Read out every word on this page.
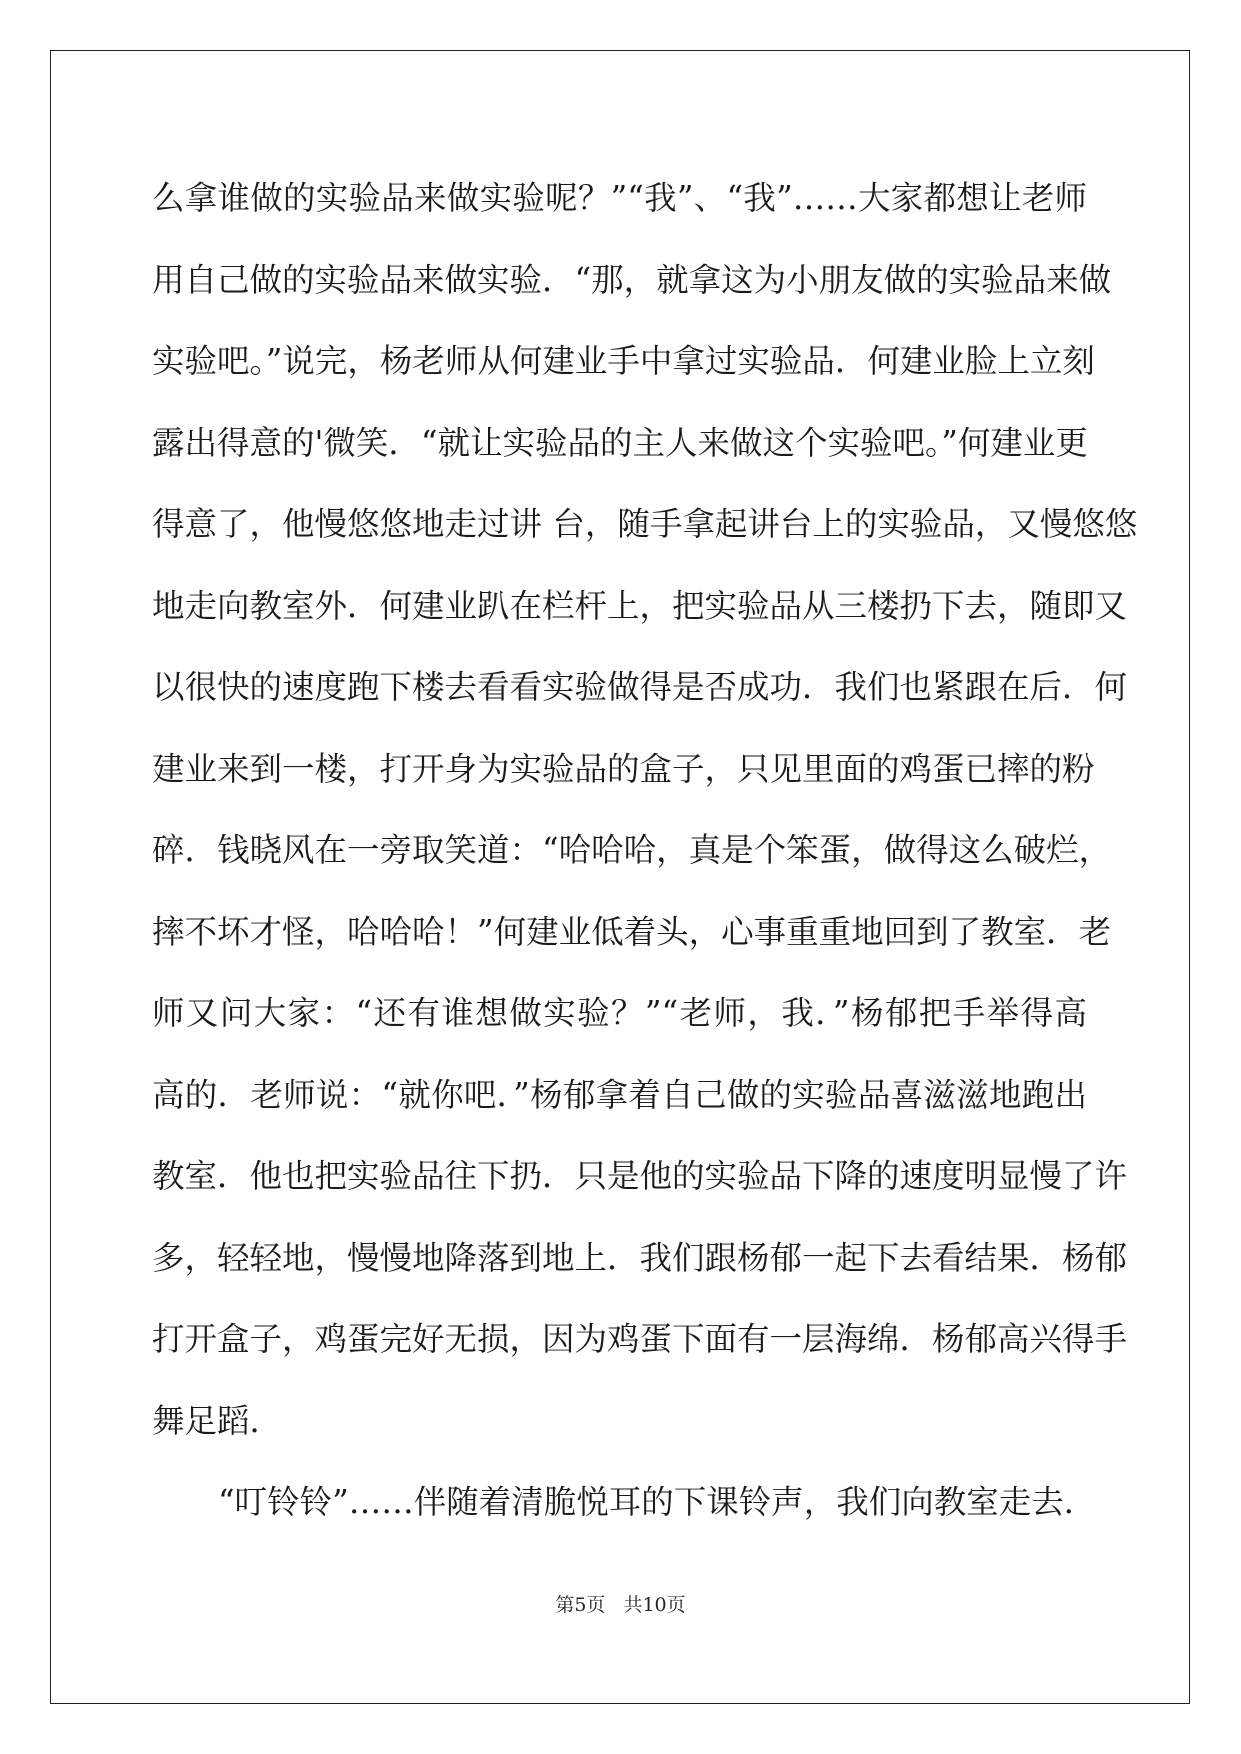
么拿谁做的实验品来做实验呢？”“我”、“我”……大家都想让老师
用自己做的实验品来做实验．“那，就拿这为小朋友做的实验品来做
实验吧。”说完，杨老师从何建业手中拿过实验品．何建业脸上立刻
露出得意的'微笑．“就让实验品的主人来做这个实验吧。”何建业更
得意了，他慢悠悠地走过讲 台，随手拿起讲台上的实验品，又慢悠悠
地走向教室外．何建业趴在栏杆上，把实验品从三楼扔下去，随即又
以很快的速度跑下楼去看看实验做得是否成功．我们也紧跟在后．何
建业来到一楼，打开身为实验品的盒子，只见里面的鸡蛋已摔的粉
碎．钱晓风在一旁取笑道：“哈哈哈，真是个笨蛋，做得这么破烂，
摔不坏才怪，哈哈哈！”何建业低着头，心事重重地回到了教室．老
师又问大家：“还有谁想做实验？”“老师，我．”杨郁把手举得高
高的．老师说：“就你吧．”杨郁拿着自己做的实验品喜滋滋地跑出
教室．他也把实验品往下扔．只是他的实验品下降的速度明显慢了许
多，轻轻地，慢慢地降落到地上．我们跟杨郁一起下去看结果．杨郁
打开盒子，鸡蛋完好无损，因为鸡蛋下面有一层海绵．杨郁高兴得手
舞足蹈．

“叮铃铃”……伴随着清脆悦耳的下课铃声，我们向教室走去．

第5页 共10页
